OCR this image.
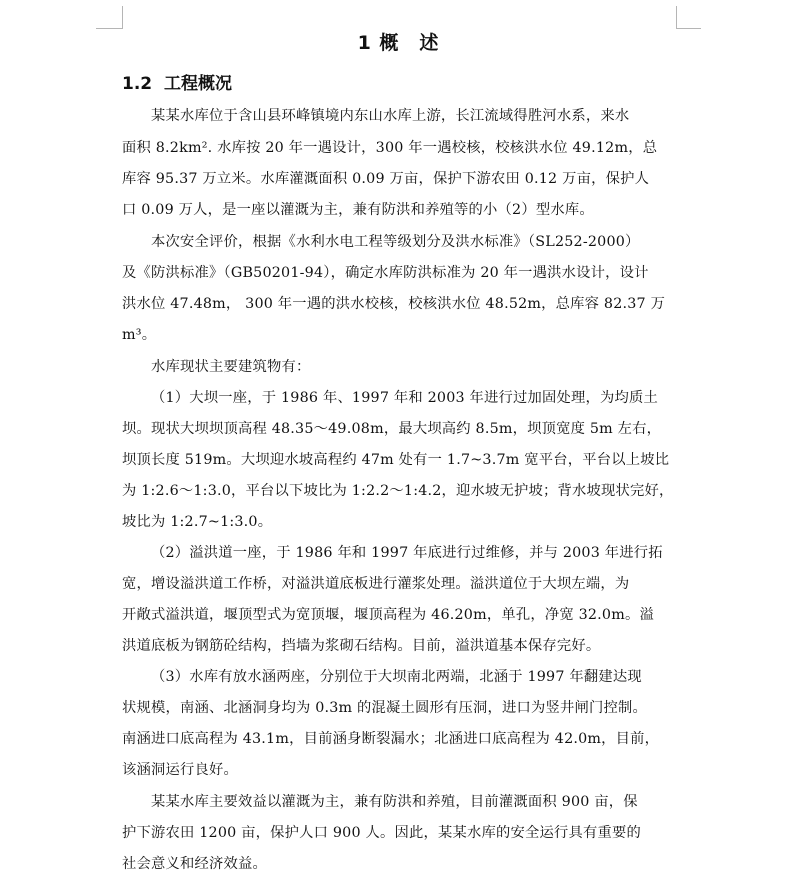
1 概　述
1.2  工程概况
某某水库位于含山县环峰镇境内东山水库上游，长江流域得胜河水系，来水
面积 8.2km². 水库按 20 年一遇设计，300 年一遇校核，校核洪水位 49.12m，总
库容 95.37 万立米。水库灌溉面积 0.09 万亩，保护下游农田 0.12 万亩，保护人
口 0.09 万人，是一座以灌溉为主，兼有防洪和养殖等的小（2）型水库。
本次安全评价，根据《水利水电工程等级划分及洪水标准》（SL252-2000）
及《防洪标准》（GB50201-94），确定水库防洪标准为 20 年一遇洪水设计，设计
洪水位 47.48m， 300 年一遇的洪水校核，校核洪水位 48.52m，总库容 82.37 万
m³。
水库现状主要建筑物有：
（1）大坝一座，于 1986 年、1997 年和 2003 年进行过加固处理，为均质土
坝。现状大坝坝顶高程 48.35～49.08m，最大坝高约 8.5m，坝顶宽度 5m 左右，
坝顶长度 519m。大坝迎水坡高程约 47m 处有一 1.7~3.7m 宽平台，平台以上坡比
为 1:2.6～1:3.0，平台以下坡比为 1:2.2～1:4.2，迎水坡无护坡；背水坡现状完好，
坡比为 1:2.7~1:3.0。
（2）溢洪道一座，于 1986 年和 1997 年底进行过维修，并与 2003 年进行拓
宽，增设溢洪道工作桥，对溢洪道底板进行灌浆处理。溢洪道位于大坝左端，为
开敞式溢洪道，堰顶型式为宽顶堰，堰顶高程为 46.20m，单孔，净宽 32.0m。溢
洪道底板为钢筋砼结构，挡墙为浆砌石结构。目前，溢洪道基本保存完好。
（3）水库有放水涵两座，分别位于大坝南北两端，北涵于 1997 年翻建达现
状规模，南涵、北涵洞身均为 0.3m 的混凝土圆形有压洞，进口为竖井闸门控制。
南涵进口底高程为 43.1m，目前涵身断裂漏水；北涵进口底高程为 42.0m，目前，
该涵洞运行良好。
某某水库主要效益以灌溉为主，兼有防洪和养殖，目前灌溉面积 900 亩，保
护下游农田 1200 亩，保护人口 900 人。因此，某某水库的安全运行具有重要的
社会意义和经济效益。
